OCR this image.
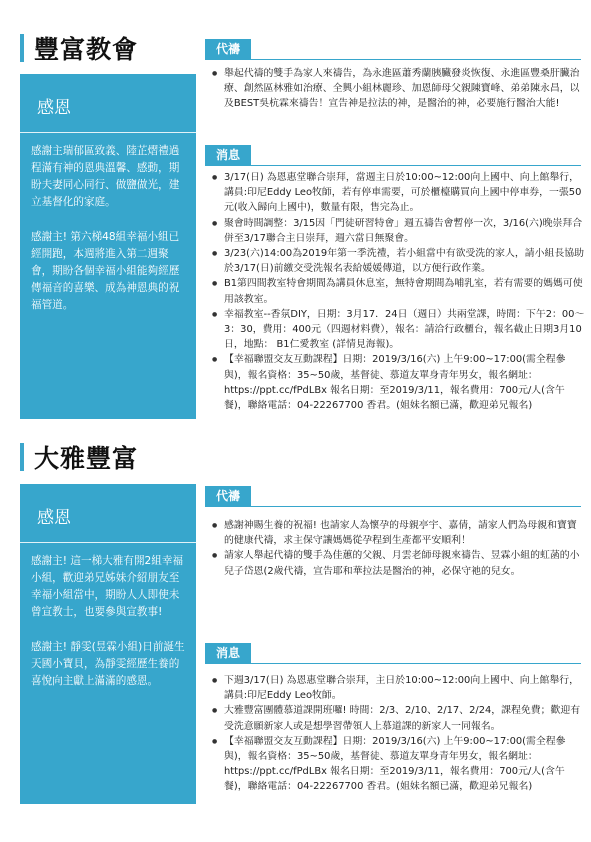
豐富教會
感恩

感謝主瑞郁區致義、陸芷熠禮過程滿有神的恩典溫馨、感動，期盼夫妻同心同行、做鹽做光，建立基督化的家庭。

感謝主! 第六梯48組幸福小組已經開跑，本週將進入第二週聚會，期盼各個幸福小組能夠經歷傳福音的喜樂、成為神恩典的祝福管道。

代禱
● 舉起代禱的雙手為家人來禱告，為永進區蕭秀蘭胰臟發炎恢復、永進區豐桑肝臟治療、創然區林雅如治療、全興小組林麗珍、加恩師母父親陳寶峰、弟弟陳永昌，以及BEST吳杭霖來禱告！宣告神是拉法的神，是醫治的神，必要施行醫治大能!
消息
● 3/17(日) 為恩惠堂聯合崇拜，當週主日於10:00~12:00向上國中、向上館舉行，講員:印尼Eddy Leo牧師，若有停車需要，可於櫃檯購買向上國中停車券，一張50元(收入歸向上國中)，數量有限，售完為止。
● 聚會時間調整：3/15因「門徒研習特會」週五禱告會暫停一次，3/16(六)晚崇拜合併至3/17聯合主日崇拜，週六當日無聚會。
● 3/23(六)14:00為2019年第一季洗禮，若小組當中有欲受洗的家人，請小組長協助於3/17(日)前繳交受洗報名表給媛媛傳道，以方便行政作業。
● B1第四間教室特會期間為講員休息室，無特會期間為哺乳室，若有需要的媽媽可使用該教室。
● 幸福教室--香氛DIY，日期：3月17．24日（週日）共兩堂課，時間：下午2：00～3：30，費用：400元（四週材料費），報名：請洽行政櫃台，報名截止日期3月10日，地點： B1仁愛教室 (詳情見海報)。
● 【幸福聯盟交友互動課程】日期：2019/3/16(六) 上午9:00~17:00(需全程參與)，報名資格：35~50歲，基督徒、慕道友單身青年男女，報名網址：https://ppt.cc/fPdLBx 報名日期：至2019/3/11，報名費用：700元/人(含午餐)，聯絡電話：04-22267700 香君。(姐妹名額已滿，歡迎弟兄報名)
大雅豐富
感恩

感謝主! 這一梯大雅有開2組幸福小組，歡迎弟兄姊妹介紹朋友至幸福小組當中，期盼人人即使未曾宣教士，也要參與宣教事!

感謝主! 靜雯(昱霖小組)日前誕生天國小寶貝，為靜雯經歷生養的喜悅向主獻上滿滿的感恩。

代禱
● 感謝神賜生養的祝福! 也請家人為懷孕的母親亭宇、嘉倩，請家人們為母親和寶寶的健康代禱，求主保守讓媽媽從孕程到生產都平安順利！
● 請家人舉起代禱的雙手為佳蕙的父親、月雲老師母親來禱告、昱霖小組的虹菡的小兒子岱恩(2歲代禱，宣告耶和華拉法是醫治的神，必保守祂的兒女。
消息
● 下週3/17(日) 為恩惠堂聯合崇拜，主日於10:00~12:00向上國中、向上館舉行，講員:印尼Eddy Leo牧師。
● 大雅豐富團體慕道課開班囉! 時間：2/3、2/10、2/17、2/24，課程免費；歡迎有受洗意願新家人或是想學習帶領人上慕道課的新家人一同報名。
● 【幸福聯盟交友互動課程】日期：2019/3/16(六) 上午9:00~17:00(需全程參與)，報名資格：35~50歲，基督徒、慕道友單身青年男女，報名網址：https://ppt.cc/fPdLBx 報名日期：至2019/3/11，報名費用：700元/人(含午餐)，聯絡電話：04-22267700 香君。(姐妹名額已滿，歡迎弟兄報名)
